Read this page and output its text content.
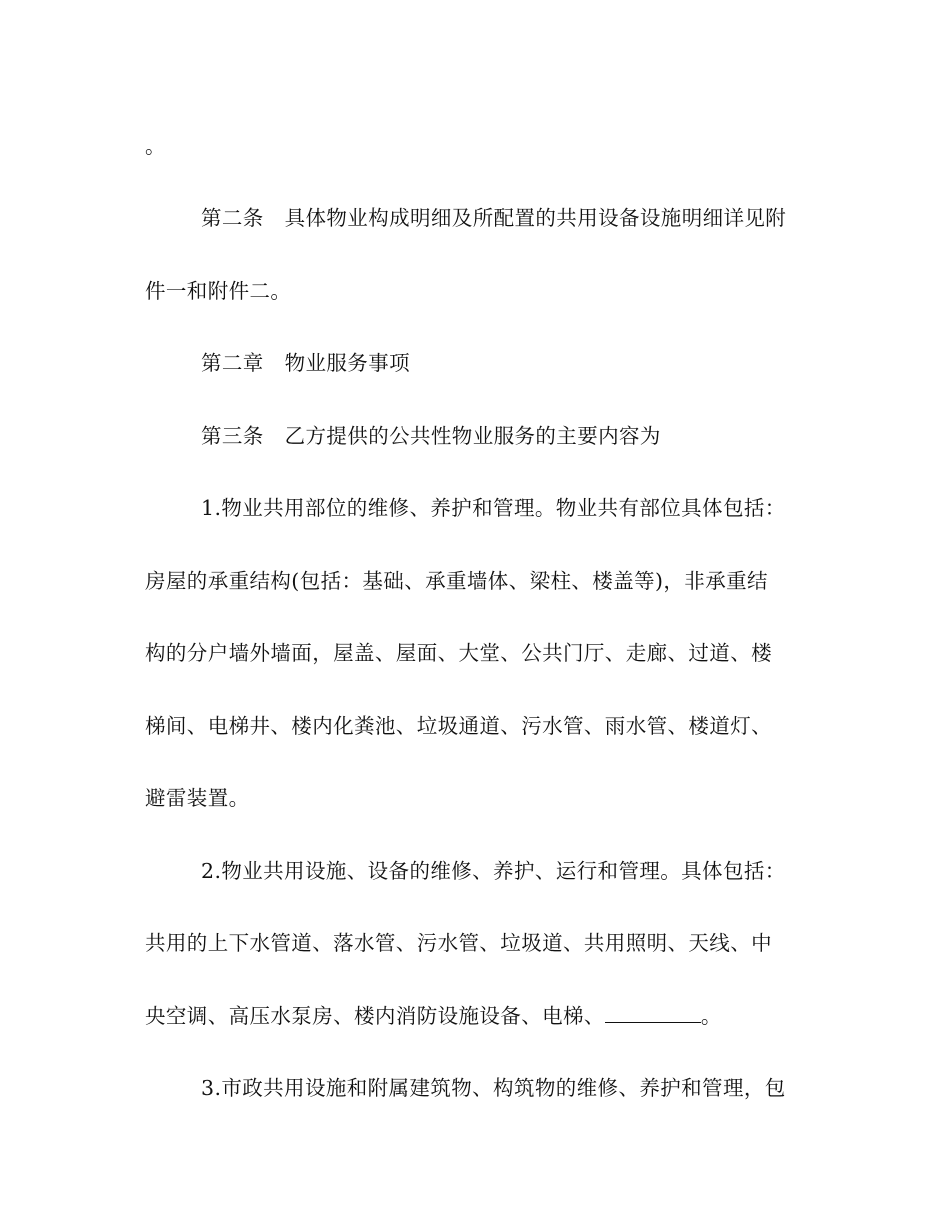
。
第二条　具体物业构成明细及所配置的共用设备设施明细详见附
件一和附件二。
第二章　物业服务事项
第三条　乙方提供的公共性物业服务的主要内容为
1.物业共用部位的维修、养护和管理。物业共有部位具体包括：
房屋的承重结构(包括：基础、承重墙体、梁柱、楼盖等)，非承重结
构的分户墙外墙面，屋盖、屋面、大堂、公共门厅、走廊、过道、楼
梯间、电梯井、楼内化粪池、垃圾通道、污水管、雨水管、楼道灯、
避雷装置。
2.物业共用设施、设备的维修、养护、运行和管理。具体包括：
共用的上下水管道、落水管、污水管、垃圾道、共用照明、天线、中
央空调、高压水泵房、楼内消防设施设备、电梯、	。
3.市政共用设施和附属建筑物、构筑物的维修、养护和管理，包
